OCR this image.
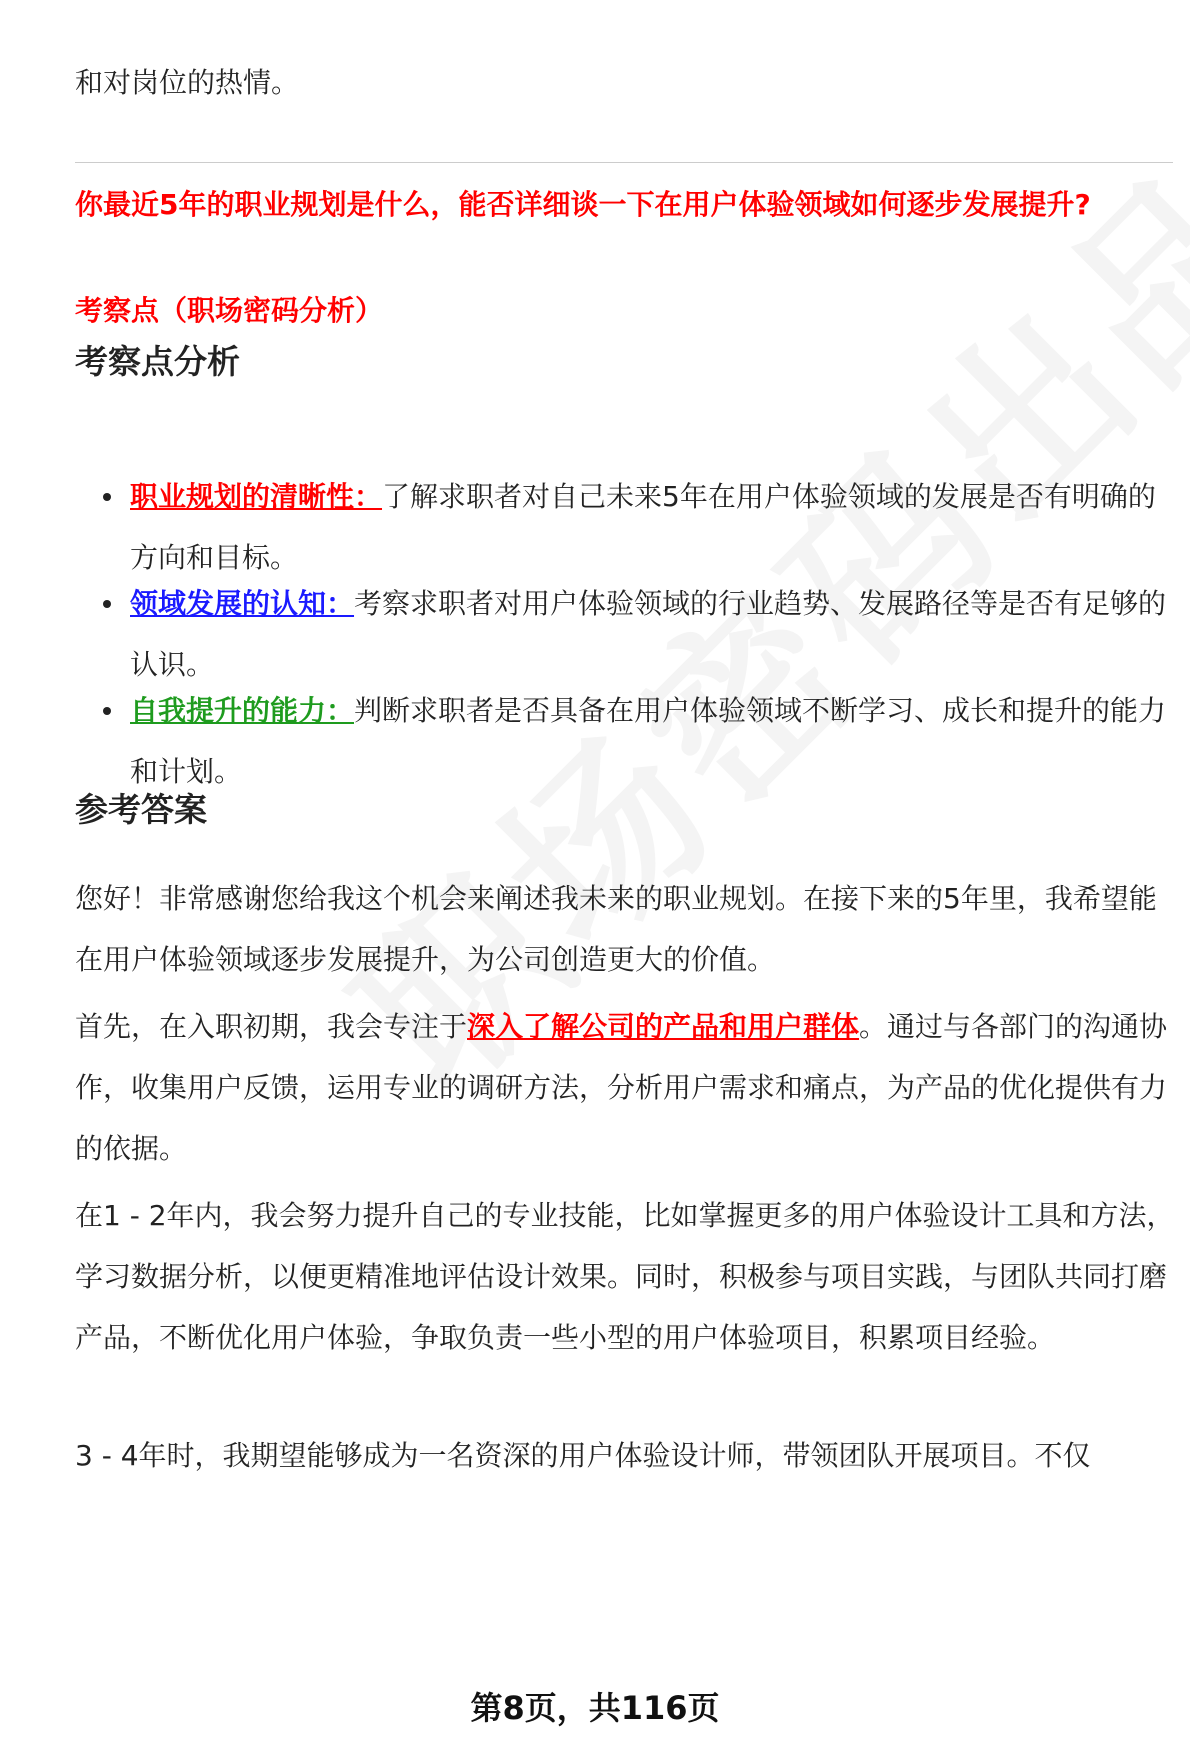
和对岗位的热情。

你最近5年的职业规划是什么，能否详细谈一下在用户体验领域如何逐步发展提升?
考察点（职场密码分析）
考察点分析
职业规划的清晰性：了解求职者对自己未来5年在用户体验领域的发展是否有明确的方向和目标。
领域发展的认知：考察求职者对用户体验领域的行业趋势、发展路径等是否有足够的认识。
自我提升的能力：判断求职者是否具备在用户体验领域不断学习、成长和提升的能力和计划。
参考答案

您好！非常感谢您给我这个机会来阐述我未来的职业规划。在接下来的5年里，我希望能在用户体验领域逐步发展提升，为公司创造更大的价值。

首先，在入职初期，我会专注于深入了解公司的产品和用户群体。通过与各部门的沟通协作，收集用户反馈，运用专业的调研方法，分析用户需求和痛点，为产品的优化提供有力的依据。

在1 - 2年内，我会努力提升自己的专业技能，比如掌握更多的用户体验设计工具和方法，学习数据分析，以便更精准地评估设计效果。同时，积极参与项目实践，与团队共同打磨产品，不断优化用户体验，争取负责一些小型的用户体验项目，积累项目经验。

3 - 4年时，我期望能够成为一名资深的用户体验设计师，带领团队开展项目。不仅

第8页，共116页
